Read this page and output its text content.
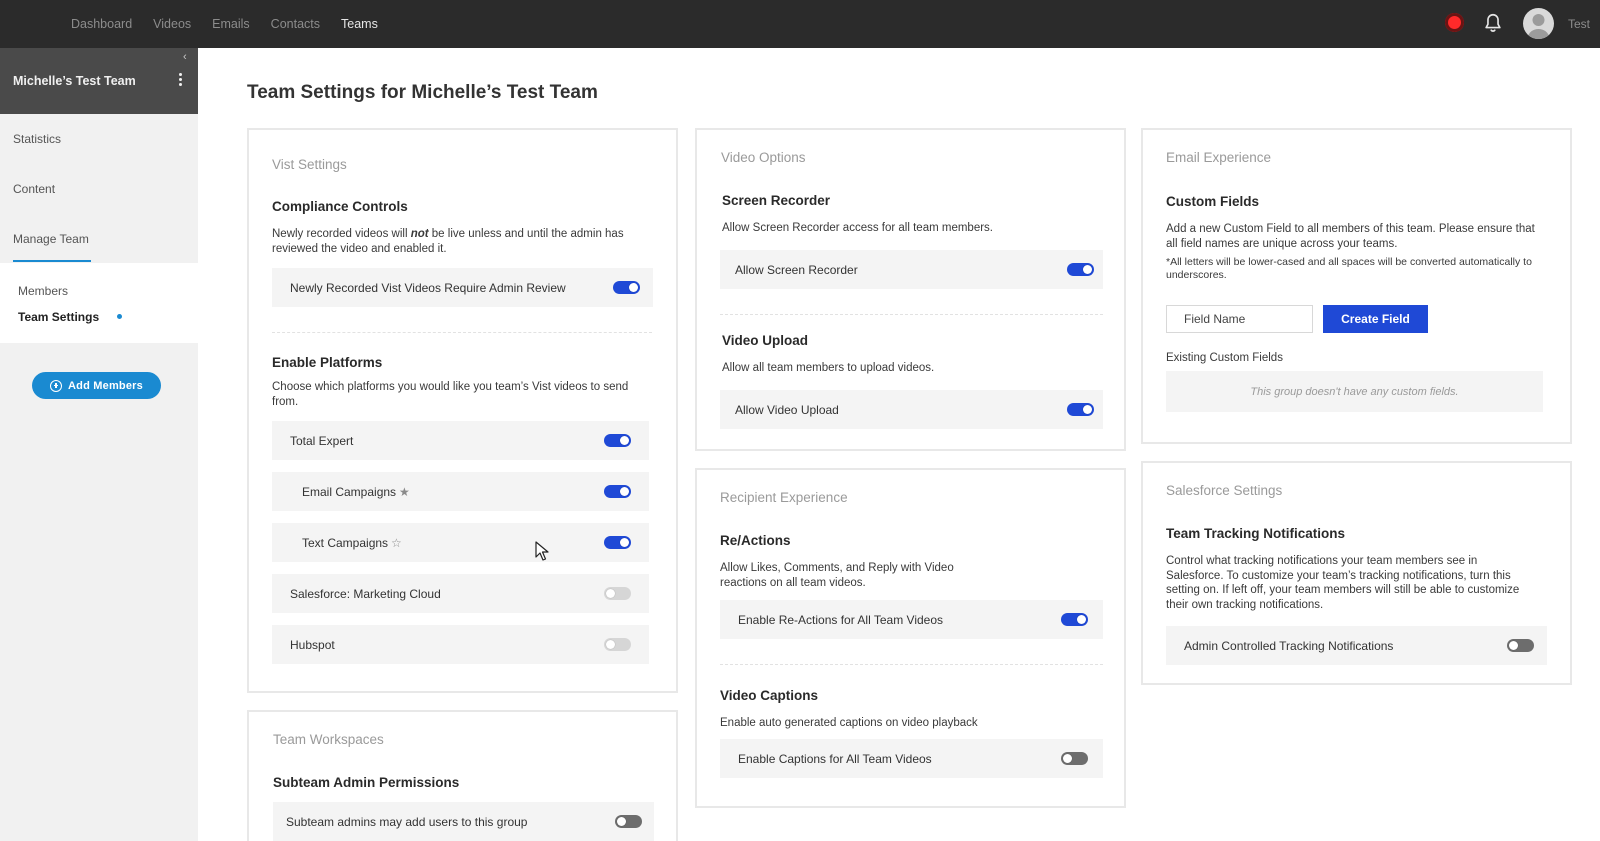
Dashboard Videos Emails Contacts Teams	Test
‹
Michelle’s Test Team
Statistics
Content
Manage Team
Members
Team Settings
Add Members
Team Settings for Michelle’s Test Team
Vist Settings
Compliance Controls
Newly recorded videos will not be live unless and until the admin has reviewed the video and enabled it.
Newly Recorded Vist Videos Require Admin Review
Enable Platforms
Choose which platforms you would like you team’s Vist videos to send from.
Total Expert
Email Campaigns ★
Text Campaigns ☆
Salesforce: Marketing Cloud
Hubspot
Team Workspaces
Subteam Admin Permissions
Subteam admins may add users to this group
Video Options
Screen Recorder
Allow Screen Recorder access for all team members.
Allow Screen Recorder
Video Upload
Allow all team members to upload videos.
Allow Video Upload
Recipient Experience
Re/Actions
Allow Likes, Comments, and Reply with Video reactions on all team videos.
Enable Re-Actions for All Team Videos
Video Captions
Enable auto generated captions on video playback
Enable Captions for All Team Videos
Email Experience
Custom Fields
Add a new Custom Field to all members of this team. Please ensure that all field names are unique across your teams.
*All letters will be lower-cased and all spaces will be converted automatically to underscores.
Field Name
Create Field
Existing Custom Fields
This group doesn't have any custom fields.
Salesforce Settings
Team Tracking Notifications
Control what tracking notifications your team members see in Salesforce. To customize your team’s tracking notifications, turn this setting on. If left off, your team members will still be able to customize their own tracking notifications.
Admin Controlled Tracking Notifications
